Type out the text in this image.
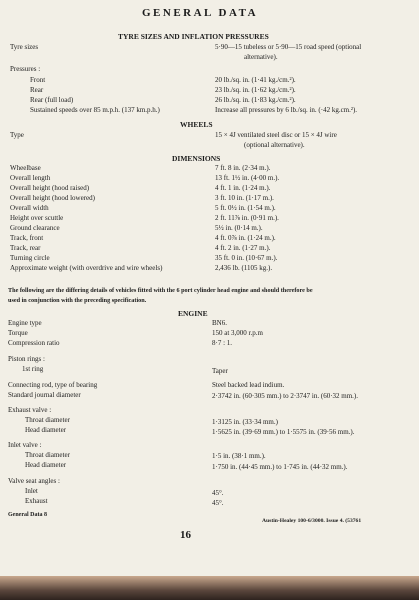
GENERAL DATA
TYRE SIZES AND INFLATION PRESSURES
Tyre sizes	5·90—15 tubeless or 5·90—15 road speed (optional
alternative).
Pressures :
Front	20 lb./sq. in. (1·41 kg./cm.²).
Rear	23 lb./sq. in. (1·62 kg./cm.²).
Rear (full load)	26 lb./sq. in. (1·83 kg./cm.²).
Sustained speeds over 85 m.p.h. (137 km.p.h.)	Increase all pressures by 6 lb./sq. in. (·42 kg.cm.²).
WHEELS
Type	15 × 4J ventilated steel disc or 15 × 4J wire
(optional alternative).
DIMENSIONS
Wheelbase	7 ft. 8 in. (2·34 m.).
Overall length	13 ft. 1½ in. (4·00 m.).
Overall height (hood raised)	4 ft. 1 in. (1·24 m.).
Overall height (hood lowered)	3 ft. 10 in. (1·17 m.).
Overall width	5 ft. 0½ in. (1·54 m.).
Height over scuttle	2 ft. 11⅞ in. (0·91 m.).
Ground clearance	5½ in. (0·14 m.).
Track, front	4 ft. 0⅞ in. (1·24 m.).
Track, rear	4 ft. 2 in. (1·27 m.).
Turning circle	35 ft. 0 in. (10·67 m.).
Approximate weight (with overdrive and wire wheels)	2,436 lb. (1105 kg.).
The following are the differing details of vehicles fitted with the 6 port cylinder head engine and should therefore be
used in conjunction with the preceding specification.
ENGINE
Engine type	BN6.
Torque	150 at 3,000 r.p.m
Compression ratio	8·7 : 1.
Piston rings :
1st ring	Taper
Connecting rod, type of bearing	Steel backed lead indium.
Standard journal diameter	2·3742 in. (60·305 mm.) to 2·3747 in. (60·32 mm.).
Exhaust valve :
Throat diameter	1·3125 in. (33·34 mm.)
Head diameter	1·5625 in. (39·69 mm.) to 1·5575 in. (39·56 mm.).
Inlet valve :
Throat diameter	1·5 in. (38·1 mm.).
Head diameter	1·750 in. (44·45 mm.) to 1·745 in. (44·32 mm.).
Valve seat angles :
Inlet	45°.
Exhaust	45°.
General Data 8
Austin-Healey 100-6/3000. Issue 4. (53761
16
